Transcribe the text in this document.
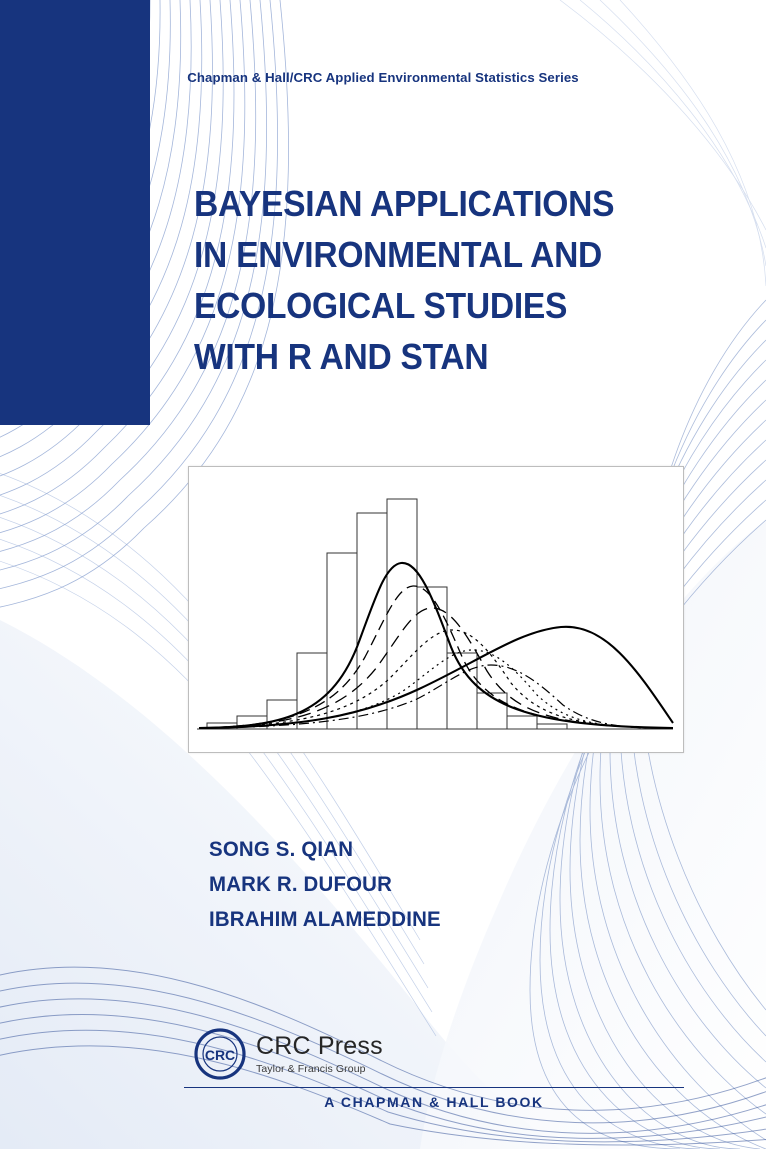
Chapman & Hall/CRC Applied Environmental Statistics Series
BAYESIAN APPLICATIONS
IN ENVIRONMENTAL AND
ECOLOGICAL STUDIES
WITH R AND STAN
SONG S. QIAN
MARK R. DUFOUR
IBRAHIM ALAMEDDINE
CRC CRC Press
Taylor & Francis Group
A CHAPMAN & HALL BOOK
